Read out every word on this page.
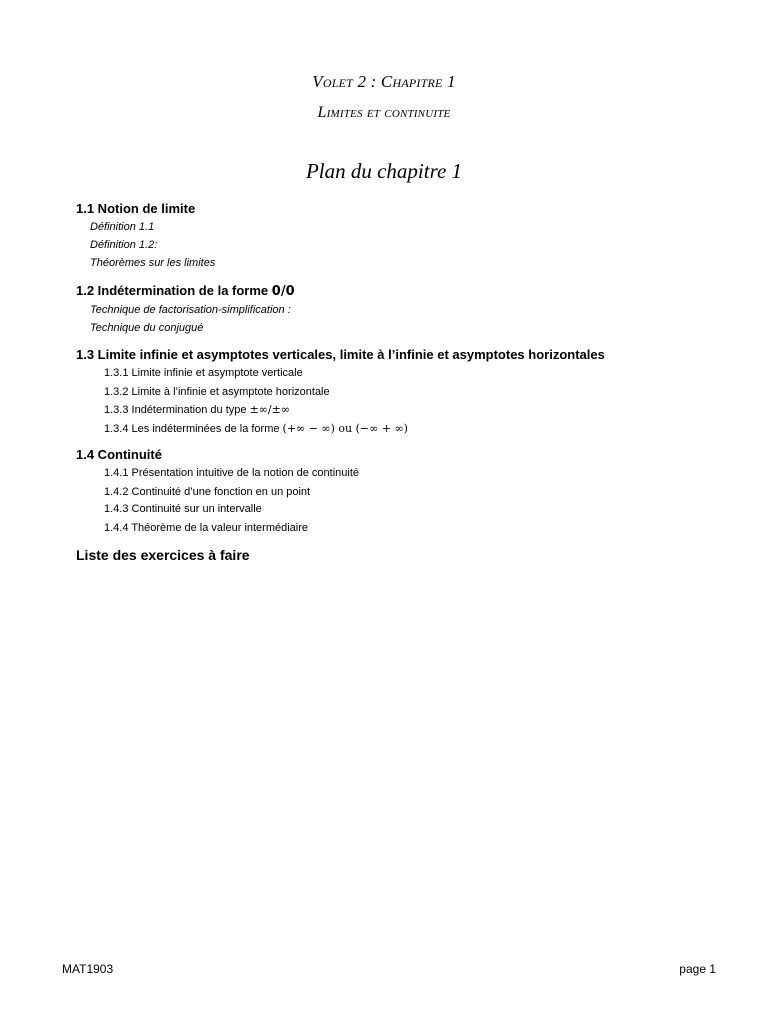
Volet 2 : Chapitre 1
Limites et continuite
Plan du chapitre 1
1.1 Notion de limite
Définition 1.1
Définition 1.2:
Théorèmes sur les limites
1.2 Indétermination de la forme 0/0
Technique de factorisation-simplification :
Technique du conjugué
1.3 Limite infinie et asymptotes verticales, limite à l’infinie et asymptotes horizontales
1.3.1 Limite infinie et asymptote verticale
1.3.2 Limite à l’infinie et asymptote horizontale
1.3.3 Indétermination du type ±∞/±∞
1.3.4 Les indéterminées de la forme (+∞ − ∞) ou (−∞ + ∞)
1.4 Continuité
1.4.1 Présentation intuitive de la notion de continuité
1.4.2 Continuité d’une fonction en un point
1.4.3 Continuité sur un intervalle
1.4.4 Théorème de la valeur intermédiaire
Liste des exercices à faire
MAT1903	page 1
